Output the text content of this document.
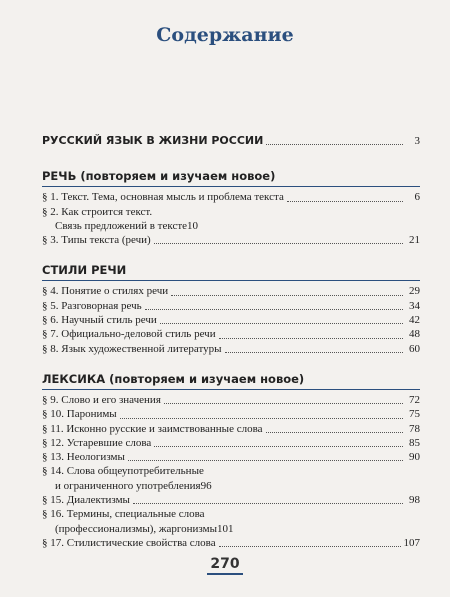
Содержание
РУССКИЙ ЯЗЫК В ЖИЗНИ РОССИИ	3
РЕЧЬ (повторяем и изучаем новое)
§ 1. Текст. Тема, основная мысль и проблема текста	6
§ 2. Как строится текст.
Связь предложений в тексте 10
§ 3. Типы текста (речи)	21
СТИЛИ РЕЧИ
§ 4. Понятие о стилях речи	29
§ 5. Разговорная речь	34
§ 6. Научный стиль речи	42
§ 7. Официально-деловой стиль речи	48
§ 8. Язык художественной литературы	60
ЛЕКСИКА (повторяем и изучаем новое)
§ 9. Слово и его значения	72
§ 10. Паронимы	75
§ 11. Исконно русские и заимствованные слова	78
§ 12. Устаревшие слова	85
§ 13. Неологизмы	90
§ 14. Слова общеупотребительные
и ограниченного употребления 96
§ 15. Диалектизмы	98
§ 16. Термины, специальные слова
(профессионализмы), жаргонизмы 101
§ 17. Стилистические свойства слова	107
270
